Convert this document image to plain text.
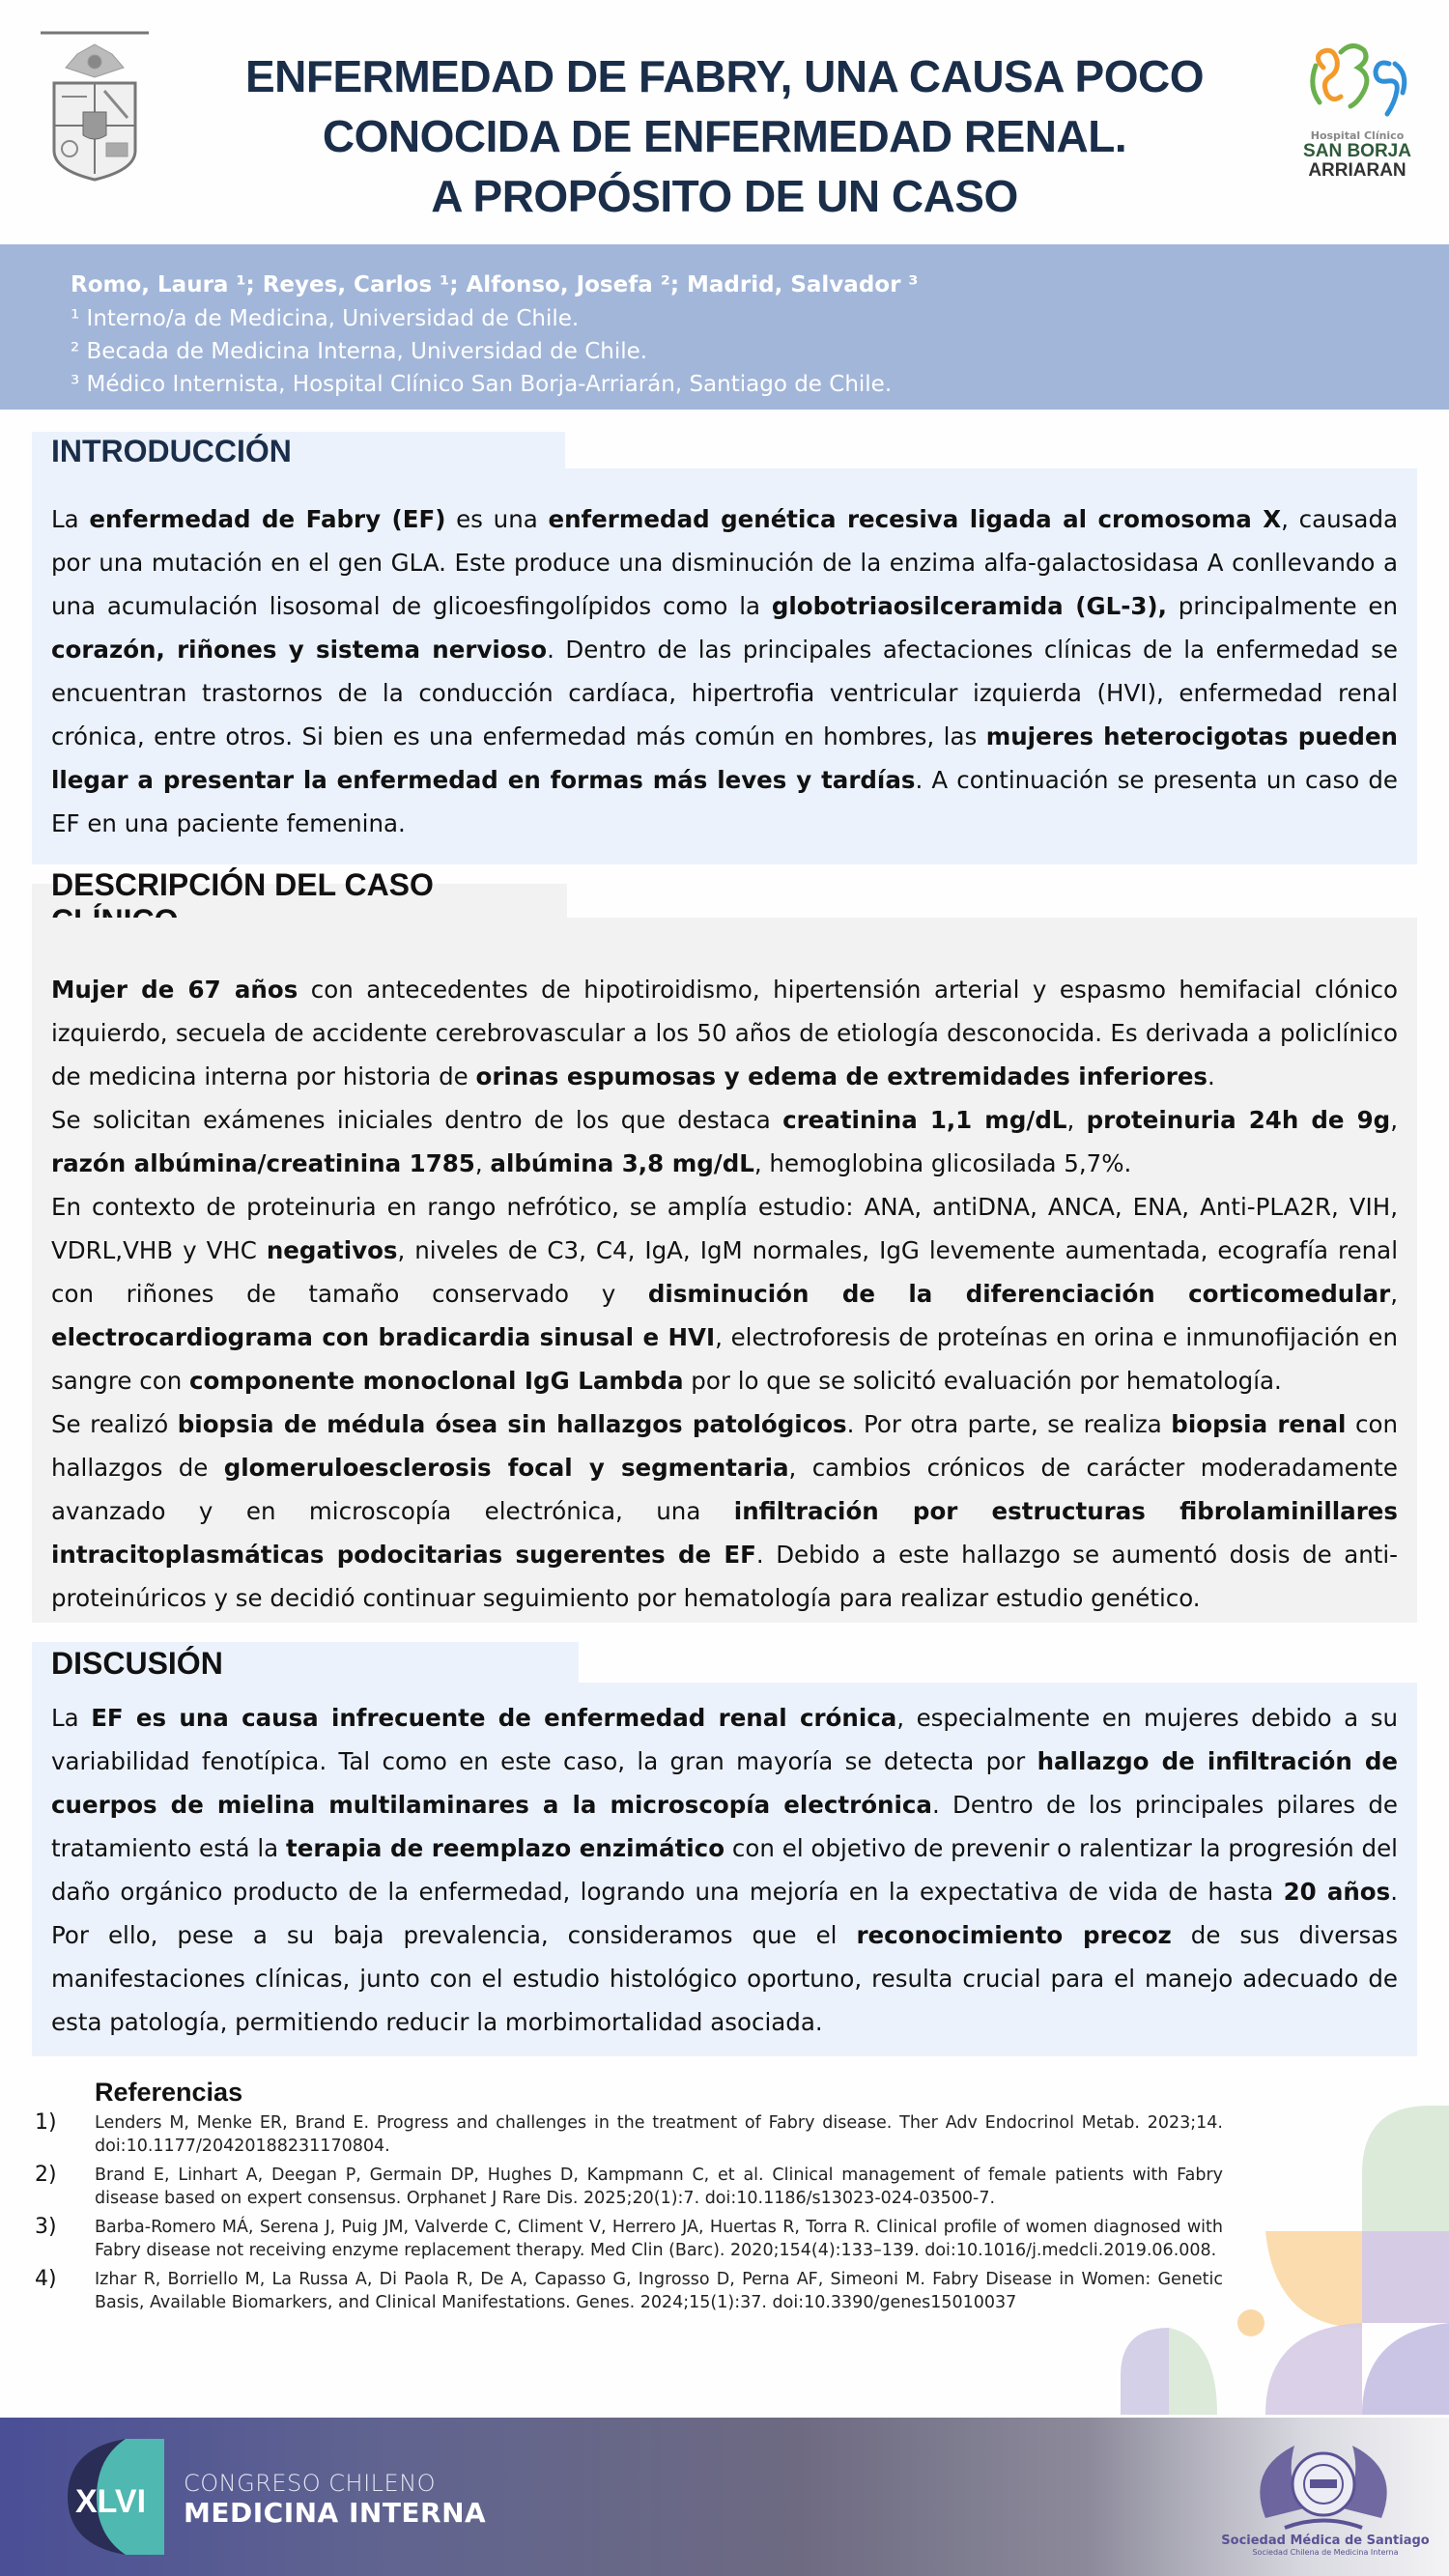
ENFERMEDAD DE FABRY, UNA CAUSA POCO
CONOCIDA DE ENFERMEDAD RENAL.
A PROPÓSITO DE UN CASO
Hospital Clínico
SAN BORJA
ARRIARAN
Romo, Laura ¹; Reyes, Carlos ¹; Alfonso, Josefa ²; Madrid, Salvador ³
¹ Interno/a de Medicina, Universidad de Chile.
² Becada de Medicina Interna, Universidad de Chile.
³ Médico Internista, Hospital Clínico San Borja-Arriarán, Santiago de Chile.
INTRODUCCIÓN

La enfermedad de Fabry (EF) es una enfermedad genética recesiva ligada al cromosoma X, causada por una mutación en el gen GLA. Este produce una disminución de la enzima alfa-galactosidasa A conllevando a una acumulación lisosomal de glicoesfingolípidos como la globotriaosilceramida (GL-3), principalmente en corazón, riñones y sistema nervioso. Dentro de las principales afectaciones clínicas de la enfermedad se encuentran trastornos de la conducción cardíaca, hipertrofia ventricular izquierda (HVI), enfermedad renal crónica, entre otros. Si bien es una enfermedad más común en hombres, las mujeres heterocigotas pueden llegar a presentar la enfermedad en formas más leves y tardías. A continuación se presenta un caso de EF en una paciente femenina.

DESCRIPCIÓN DEL CASO

Mujer de 67 años con antecedentes de hipotiroidismo, hipertensión arterial y espasmo hemifacial clónico izquierdo, secuela de accidente cerebrovascular a los 50 años de etiología desconocida. Es derivada a policlínico de medicina interna por historia de orinas espumosas y edema de extremidades inferiores.

Se solicitan exámenes iniciales dentro de los que destaca creatinina 1,1 mg/dL, proteinuria 24h de 9g, razón albúmina/creatinina 1785, albúmina 3,8 mg/dL, hemoglobina glicosilada 5,7%.

En contexto de proteinuria en rango nefrótico, se amplía estudio: ANA, antiDNA, ANCA, ENA, Anti-PLA2R, VIH, VDRL,VHB y VHC negativos, niveles de C3, C4, IgA, IgM normales, IgG levemente aumentada, ecografía renal con riñones de tamaño conservado y disminución de la diferenciación corticomedular, electrocardiograma con bradicardia sinusal e HVI, electroforesis de proteínas en orina e inmunofijación en sangre con componente monoclonal IgG Lambda por lo que se solicitó evaluación por hematología.

Se realizó biopsia de médula ósea sin hallazgos patológicos. Por otra parte, se realiza biopsia renal con hallazgos de glomeruloesclerosis focal y segmentaria, cambios crónicos de carácter moderadamente avanzado y en microscopía electrónica, una infiltración por estructuras fibrolaminillares intracitoplasmáticas podocitarias sugerentes de EF. Debido a este hallazgo se aumentó dosis de anti-proteinúricos y se decidió continuar seguimiento por hematología para realizar estudio genético.

DISCUSIÓN

La EF es una causa infrecuente de enfermedad renal crónica, especialmente en mujeres debido a su variabilidad fenotípica. Tal como en este caso, la gran mayoría se detecta por hallazgo de infiltración de cuerpos de mielina multilaminares a la microscopía electrónica. Dentro de los principales pilares de tratamiento está la terapia de reemplazo enzimático con el objetivo de prevenir o ralentizar la progresión del daño orgánico producto de la enfermedad, logrando una mejoría en la expectativa de vida de hasta 20 años. Por ello, pese a su baja prevalencia, consideramos que el reconocimiento precoz de sus diversas manifestaciones clínicas, junto con el estudio histológico oportuno, resulta crucial para el manejo adecuado de esta patología, permitiendo reducir la morbimortalidad asociada.

Referencias
1)	Lenders M, Menke ER, Brand E. Progress and challenges in the treatment of Fabry disease. Ther Adv Endocrinol Metab. 2023;14. doi:10.1177/20420188231170804.
2)	Brand E, Linhart A, Deegan P, Germain DP, Hughes D, Kampmann C, et al. Clinical management of female patients with Fabry disease based on expert consensus. Orphanet J Rare Dis. 2025;20(1):7. doi:10.1186/s13023-024-03500-7.
3)	Barba-Romero MÁ, Serena J, Puig JM, Valverde C, Climent V, Herrero JA, Huertas R, Torra R. Clinical profile of women diagnosed with Fabry disease not receiving enzyme replacement therapy. Med Clin (Barc). 2020;154(4):133–139. doi:10.1016/j.medcli.2019.06.008.
4)	Izhar R, Borriello M, La Russa A, Di Paola R, De A, Capasso G, Ingrosso D, Perna AF, Simeoni M. Fabry Disease in Women: Genetic Basis, Available Biomarkers, and Clinical Manifestations. Genes. 2024;15(1):37. doi:10.3390/genes15010037
XLVI CONGRESO CHILENO
MEDICINA INTERNA
Sociedad Médica de Santiago
Sociedad Chilena de Medicina Interna
